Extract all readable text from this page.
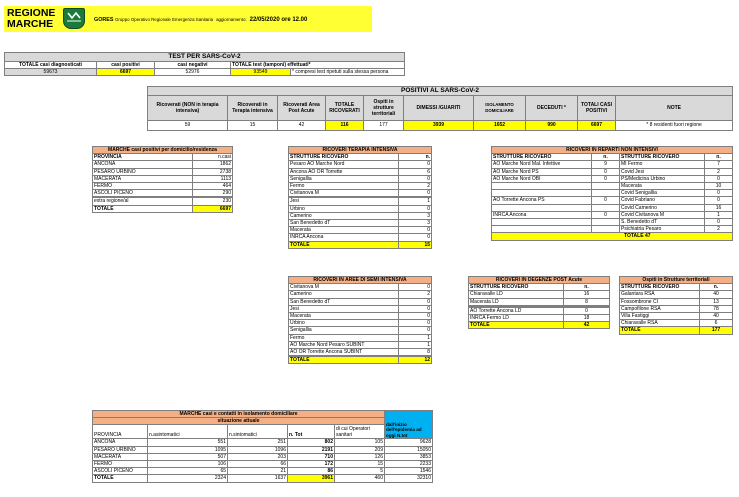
REGIONE
MARCHE	GORES Gruppo Operativo Regionale Emergenza Sanitaria aggiornamento: 22/05/2020 ore 12.00
TEST PER SARS-CoV-2				
TOTALE casi diagnosticati	casi positivi	casi negativi	TOTALE test (tamponi) effettuati*	
59673	6697	52976	93549	* compresi test ripetuti sulla stessa persona
POSITIVI AL SARS-CoV-2									
Ricoverati (NON in terapia intensiva)	Ricoverati in Terapia intensiva	Ricoverati Area Post Acute	TOTALE RICOVERATI	Ospiti in strutture territoriali	DIMESSI /GUARITI	ISOLAMENTO DOMICILIARE	DECEDUTI *	TOTALI CASI POSITIVI	NOTE
59	15	42	116	177	3939	1652	990	6697	* 8 residenti fuori regione
MARCHE casi positivi per domicilio/residenza	
PROVINCIA	n.casi
ANCONA	1862
PESARO URBINO	2738
MACERATA	1113
FERMO	464
ASCOLI PICENO	290

extra regione/al	230
TOTALE	6697
RICOVERI TERAPIA INTENSIVA	
STRUTTURE RICOVERO	n.
Pesaro AO Marche Nord	0
Ancona AO OR Torrette	6
Senigallia	0
Fermo	2
Civitanova M	0

Jesi	1
Urbino	0
Camerino	3
San Benedetto dT	3
Macerata	0
INRCA Ancona	0
TOTALE	15
RICOVERI IN REPARTI NON INTENSIVI			
STRUTTURE RICOVERO	n.	STRUTTURE RICOVERO	n.
AO Marche Nord Mal. Infettive	9	MI Fermo	7
AO Marche Nord PS	0	Covid Jesi	2
AO Marche Nord OBI	0	PS/Medicina Urbino	0
		Macerata	10
		Covid Senigallia	0
AO Torrette Ancona PS	0	Covid Fabriano	0
		Covid Camerino	16
INRCA Ancona	0	Covid Civitanova M	1
		S. Benedetto dT	0
		Psichiatria Pesaro	2
TOTALE 47			
RICOVERI IN AREE DI SEMI INTENSIVA	
Civitanova M	0
Camerino	2
San Benedetto dT	0
Jesi	0
Macerata	0
Urbino	0
Senigallia	0
Fermo	1
AO Marche Nord Pesaro SUBINT	1
AO OR Torrette Ancona SUBINT	8

TOTALE	12
RICOVERI IN DEGENZE POST Acute	
STRUTTURE RICOVERO	n.
Chiaravalle LD	16
Macerata LD	8

AO Torrette Ancona LD	0
INRCA Fermo LD	18
TOTALE	42
Ospiti in Strutture territoriali	
STRUTTURE RICOVERO	n.
Galantara RSA	40
Fossombrone CI	13
Campofilone RSA	78
Villa Fastiggi	40
Chiaravalle RSA	6
TOTALE	177
MARCHE casi e contatti in isolamento domiciliare					dall'inizio dell'epidemia ad oggi N.tot
situazione attuale					
PROVINCIA	n.asintomatici	n.sintomatici	n. Tot	di cui Operatori sanitari	
ANCONA	551	251	802	105	9628
PESARO URBINO	1095	1096	2191	209	15050
MACERATA	507	203	710	126	3853
FERMO	106	66	172	15	2233
ASCOLI PICENO	65	21	86	5	1546
TOTALE	2324	1637	3961	460	32310
